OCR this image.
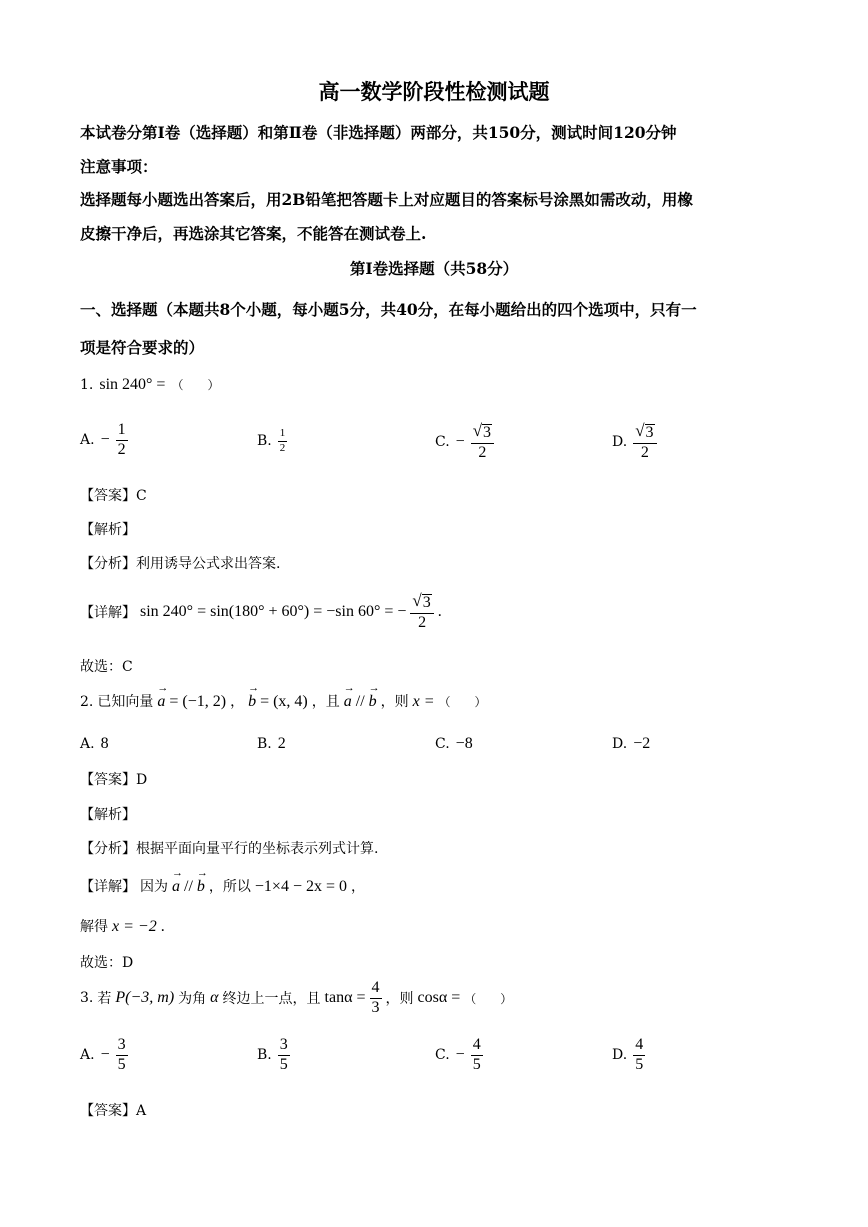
高一数学阶段性检测试题
本试卷分第Ⅰ卷（选择题）和第Ⅱ卷（非选择题）两部分，共150分，测试时间120分钟
注意事项：
选择题每小题选出答案后，用2B铅笔把答题卡上对应题目的答案标号涂黑如需改动，用橡
皮擦干净后，再选涂其它答案，不能答在测试卷上.
第Ⅰ卷选择题（共58分）
一、选择题（本题共8个小题，每小题5分，共40分，在每小题给出的四个选项中，只有一
项是符合要求的）
1. sin 240° = （　　）
A. − $\frac{1}{2}$	B. $\frac{1}{2}$	C. − $\frac{√ 3}{2}$	D. $\frac{√ 3}{2}$
【答案】C
【解析】
【分析】利用诱导公式求出答案.
【详解】 sin 240° = sin(180° + 60°) = −sin 60° = − $\frac{√ 3}{2}$ .
故选：C
2. 已知向量 → a = (−1, 2) ， → b = (x, 4) ，且 → a // → b ，则 x = （　　）
A. 8	B. 2	C. −8	D. −2
【答案】D
【解析】
【分析】根据平面向量平行的坐标表示列式计算.
【详解】 因为 → a // → b ，所以 −1×4 − 2x = 0 ，
解得 x = −2 .
故选：D
3. 若 P(−3, m) 为角 α 终边上一点，且 $\tan\alpha = \frac{4}{3}$ ，则 cosα = （　　）
A. − $\frac{3}{5}$	B. $\frac{3}{5}$	C. − $\frac{4}{5}$	D. $\frac{4}{5}$
【答案】A
